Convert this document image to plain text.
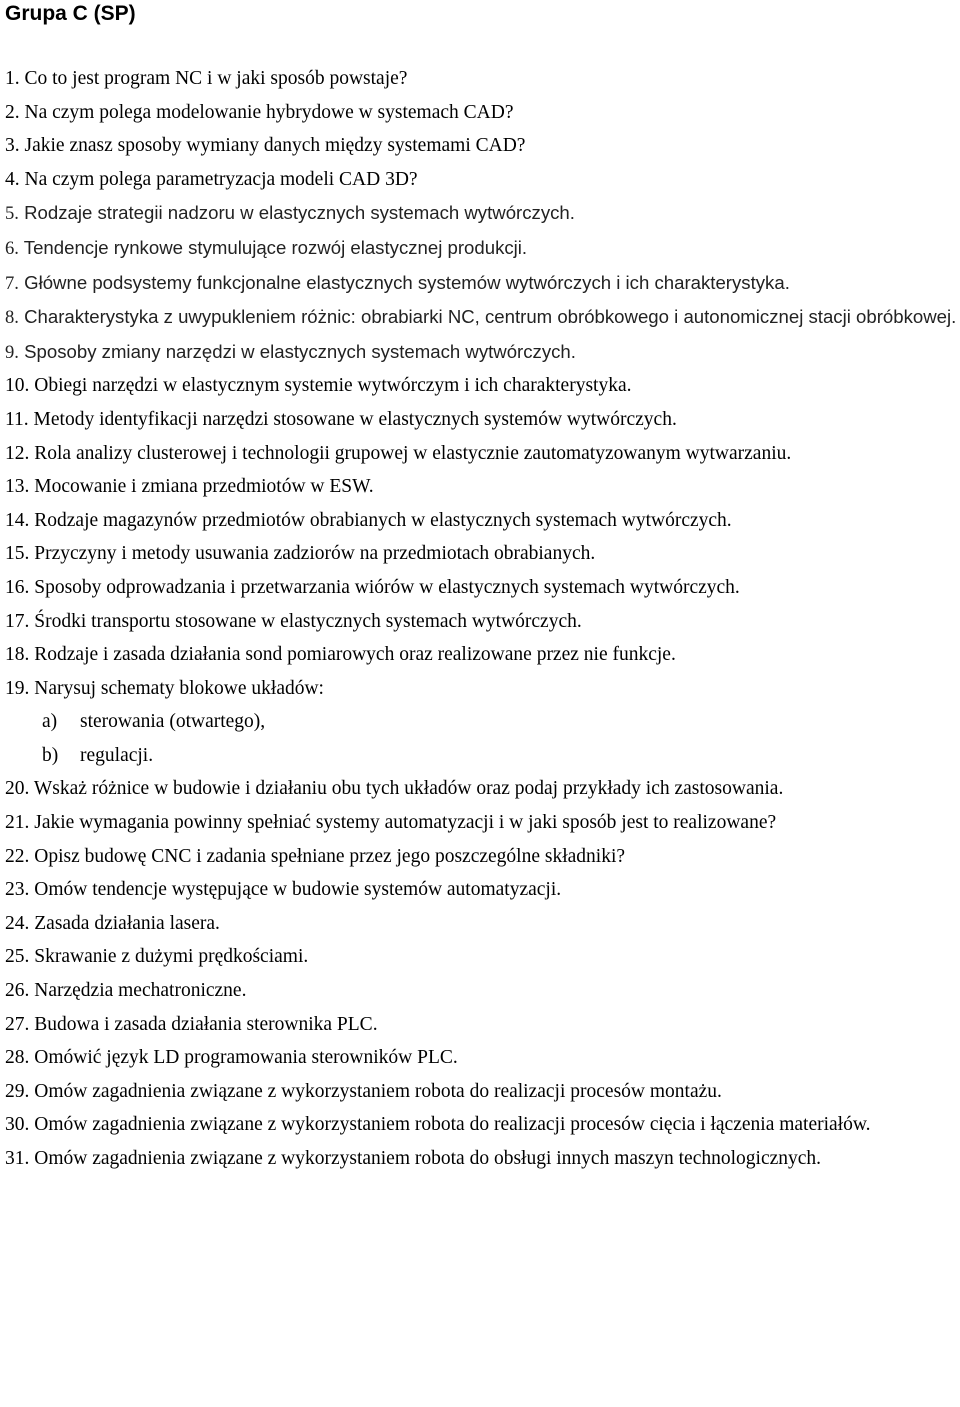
Grupa C (SP)
1. Co to jest program NC i w jaki sposób powstaje?
2. Na czym polega modelowanie hybrydowe w systemach CAD?
3. Jakie znasz sposoby wymiany danych między systemami CAD?
4. Na czym polega parametryzacja modeli CAD 3D?
5. Rodzaje strategii nadzoru w elastycznych systemach wytwórczych.
6. Tendencje rynkowe stymulujące rozwój elastycznej produkcji.
7. Główne podsystemy funkcjonalne elastycznych systemów wytwórczych i ich charakterystyka.
8. Charakterystyka z uwypukleniem różnic: obrabiarki NC, centrum obróbkowego i autonomicznej stacji obróbkowej.
9. Sposoby zmiany narzędzi w elastycznych systemach wytwórczych.
10. Obiegi narzędzi w elastycznym systemie wytwórczym i ich charakterystyka.
11. Metody identyfikacji narzędzi stosowane w elastycznych systemów wytwórczych.
12. Rola analizy clusterowej i technologii grupowej w elastycznie zautomatyzowanym wytwarzaniu.
13. Mocowanie i zmiana przedmiotów w ESW.
14. Rodzaje magazynów przedmiotów obrabianych w elastycznych systemach wytwórczych.
15. Przyczyny i metody usuwania zadziorów na przedmiotach obrabianych.
16. Sposoby odprowadzania i przetwarzania wiórów w elastycznych systemach wytwórczych.
17. Środki transportu stosowane w elastycznych systemach wytwórczych.
18. Rodzaje i zasada działania sond pomiarowych oraz realizowane przez nie funkcje.
19. Narysuj schematy blokowe układów:
a) sterowania (otwartego),
b) regulacji.
20. Wskaż różnice w budowie i działaniu obu tych układów oraz podaj przykłady ich zastosowania.
21. Jakie wymagania powinny spełniać systemy automatyzacji i w jaki sposób jest to realizowane?
22. Opisz budowę CNC i zadania spełniane przez jego poszczególne składniki?
23. Omów tendencje występujące w budowie systemów automatyzacji.
24. Zasada działania lasera.
25. Skrawanie z dużymi prędkościami.
26. Narzędzia mechatroniczne.
27. Budowa i zasada działania sterownika PLC.
28. Omówić język LD programowania sterowników PLC.
29. Omów zagadnienia związane z wykorzystaniem robota do realizacji procesów montażu.
30. Omów zagadnienia związane z wykorzystaniem robota do realizacji procesów cięcia i łączenia materiałów.
31. Omów zagadnienia związane z wykorzystaniem robota do obsługi innych maszyn technologicznych.
